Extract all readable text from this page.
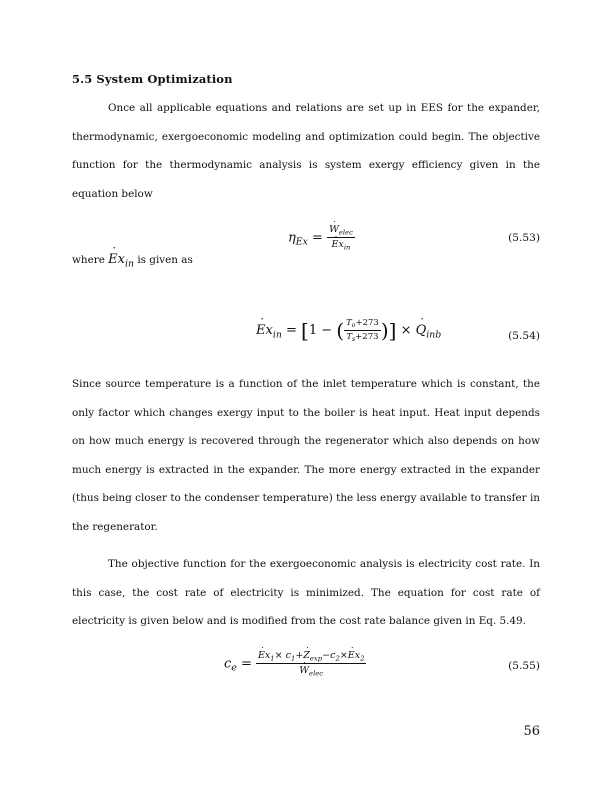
5.5 System Optimization

Once all applicable equations and relations are set up in EES for the expander, thermodynamic, exergoeconomic modeling and optimization could begin. The objective function for the thermodynamic analysis is system exergy efficiency given in the equation below

$\eta_{Ex}$ = ˙ $W_{elec}$
˙ $Ex_{in}$	(5.53)
where ˙ $Ex_{in}$ is given as
˙ $Ex_{in} = [1$ − ( $\frac{T_o+273}{T_s+273}$ )] × ˙ $Q_{inb}$	(5.54)

Since source temperature is a function of the inlet temperature which is constant, the only factor which changes exergy input to the boiler is heat input. Heat input depends on how much energy is recovered through the regenerator which also depends on how much energy is extracted in the expander. The more energy extracted in the expander (thus being closer to the condenser temperature) the less energy available to transfer in the regenerator.

The objective function for the exergoeconomic analysis is electricity cost rate. In this case, the cost rate of electricity is minimized. The equation for cost rate of electricity is given below and is modified from the cost rate balance given in Eq. 5.49.

$c_e$ = ˙ $Ex_1\times$ $c_1+˙$ $Z_{exp}-c_2\times˙$ $Ex_2$
˙ $W_{elec}$	(5.55)
56
